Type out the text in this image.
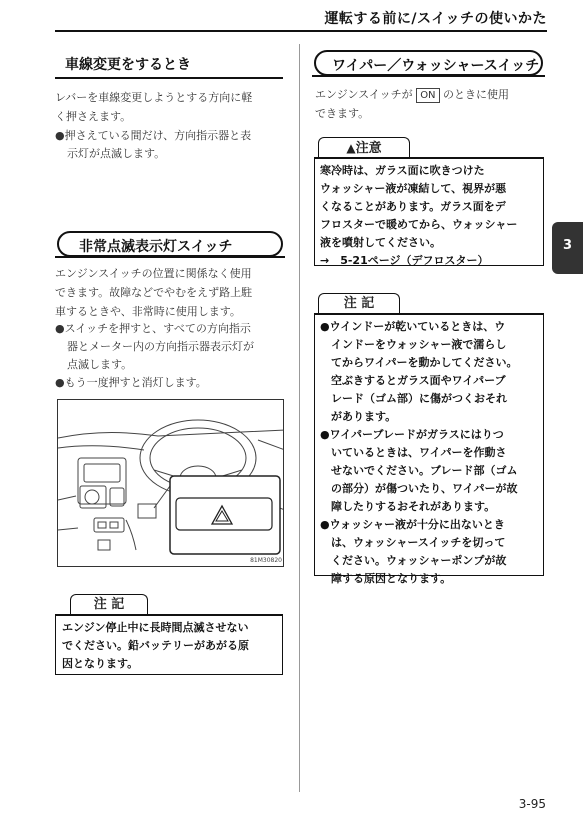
運転する前に/スイッチの使いかた
車線変更をするとき
レバーを車線変更しようとする方向に軽
く押さえます。
●押さえている間だけ、方向指示器と表
示灯が点滅します。
非常点滅表示灯スイッチ
エンジンスイッチの位置に関係なく使用
できます。故障などでやむをえず路上駐
車するときや、非常時に使用します。
●スイッチを押すと、すべての方向指示
器とメーター内の方向指示器表示灯が
点滅します。
●もう一度押すと消灯します。
81M30820
注 記
エンジン停止中に長時間点滅させない
でください。鉛バッテリーがあがる原
因となります。
ワイパー／ウォッシャースイッチ
エンジンスイッチが ON のときに使用
できます。
▲注意
寒冷時は、ガラス面に吹きつけた
ウォッシャー液が凍結して、視界が悪
くなることがあります。ガラス面をデ
フロスターで暖めてから、ウォッシャー
液を噴射してください。
→　5-21ページ（デフロスター）
注 記
●ウインドーが乾いているときは、ウ
　インドーをウォッシャー液で濡らし
　てからワイパーを動かしてください。
　空ぶきするとガラス面やワイパーブ
　レード（ゴム部）に傷がつくおそれ
　があります。
●ワイパーブレードがガラスにはりつ
　いているときは、ワイパーを作動さ
　せないでください。ブレード部（ゴム
　の部分）が傷ついたり、ワイパーが故
　障したりするおそれがあります。
●ウォッシャー液が十分に出ないとき
　は、ウォッシャースイッチを切って
　ください。ウォッシャーポンプが故
　障する原因となります。
3
3-95
